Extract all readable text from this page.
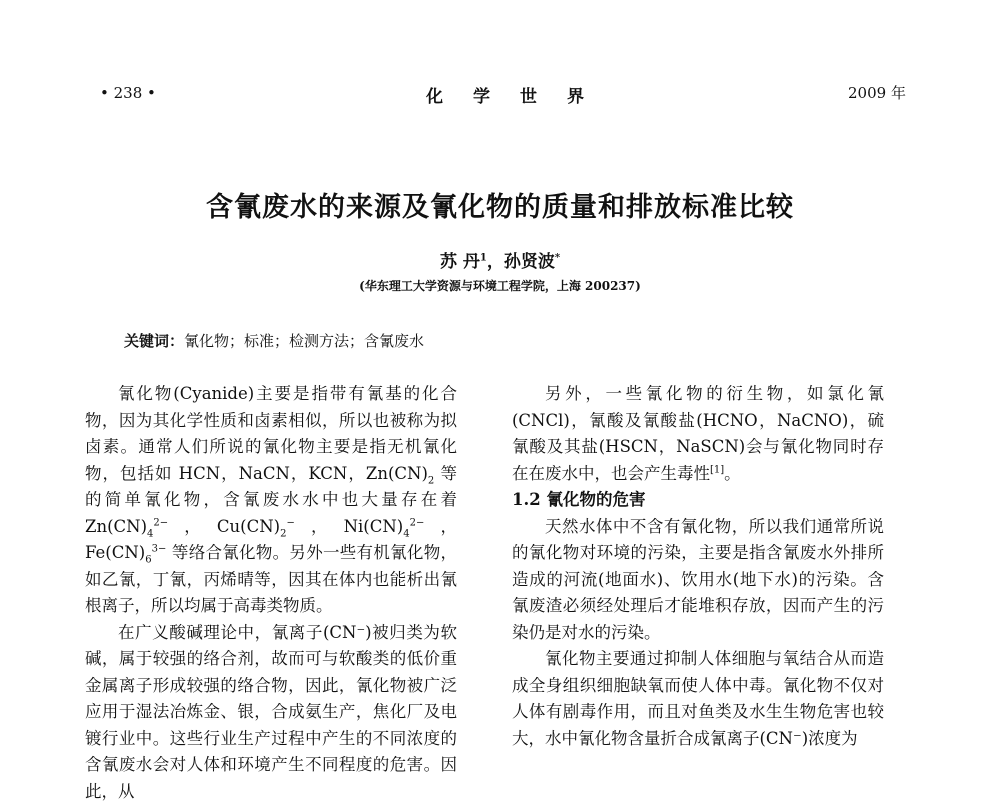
• 238 •	化学世界	2009 年
含氰废水的来源及氰化物的质量和排放标准比较
苏 丹$^1$，孙贤波*
(华东理工大学资源与环境工程学院，上海 200237)
关键词：氰化物；标准；检测方法；含氰废水

氰化物(Cyanide)主要是指带有氰基的化合物，因为其化学性质和卤素相似，所以也被称为拟卤素。通常人们所说的氰化物主要是指无机氰化物，包括如 HCN，NaCN，KCN，$Zn(CN)_2$ 等的简单氰化物，含氰废水水中也大量存在着 $Zn(CN)_4^{2-}$，$Cu(CN)_2^-$，$Ni(CN)_4^{2-}$，$Fe(CN)_6^{3-}$ 等络合氰化物。另外一些有机氰化物，如乙氰，丁氰，丙烯晴等，因其在体内也能析出氰根离子，所以均属于高毒类物质。

在广义酸碱理论中，氰离子(CN⁻)被归类为软碱，属于较强的络合剂，故而可与软酸类的低价重金属离子形成较强的络合物，因此，氰化物被广泛应用于湿法冶炼金、银，合成氨生产，焦化厂及电镀行业中。这些行业生产过程中产生的不同浓度的含氰废水会对人体和环境产生不同程度的危害。因此，从

另外，一些氰化物的衍生物，如氯化氰(CNCl)，氰酸及氰酸盐(HCNO，NaCNO)，硫氰酸及其盐(HSCN，NaSCN)会与氰化物同时存在在废水中，也会产生毒性[1]。

1.2 氰化物的危害

天然水体中不含有氰化物，所以我们通常所说的氰化物对环境的污染，主要是指含氰废水外排所造成的河流(地面水)、饮用水(地下水)的污染。含氰废渣必须经处理后才能堆积存放，因而产生的污染仍是对水的污染。

氰化物主要通过抑制人体细胞与氧结合从而造成全身组织细胞缺氧而使人体中毒。氰化物不仅对人体有剧毒作用，而且对鱼类及水生生物危害也较大，水中氰化物含量折合成氰离子(CN⁻)浓度为
